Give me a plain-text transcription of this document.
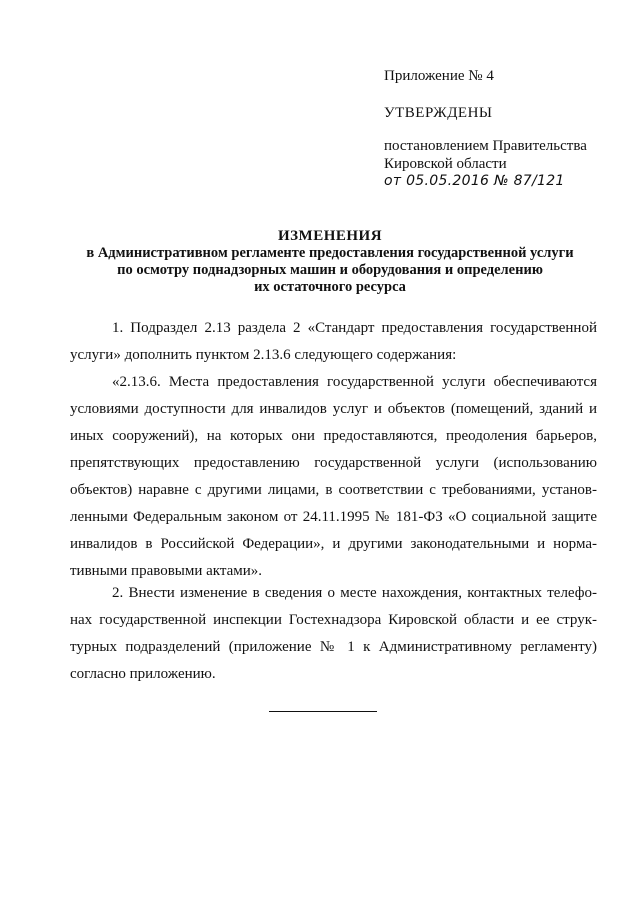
Приложение № 4
УТВЕРЖДЕНЫ
постановлением Правительства
Кировской области
от 05.05.2016 № 87/121
ИЗМЕНЕНИЯ
в Административном регламенте предоставления государственной услуги
по осмотру поднадзорных машин и оборудования и определению
их остаточного ресурса
1. Подраздел 2.13 раздела 2 «Стандарт предоставления государственной
услуги» дополнить пунктом 2.13.6 следующего содержания:
«2.13.6. Места предоставления государственной услуги обеспечиваются
условиями доступности для инвалидов услуг и объектов (помещений, зданий и
иных сооружений), на которых они предоставляются, преодоления барьеров,
препятствующих предоставлению государственной услуги (использованию
объектов) наравне с другими лицами, в соответствии с требованиями, установ-
ленными Федеральным законом от 24.11.1995 № 181-ФЗ «О социальной защите
инвалидов в Российской Федерации», и другими законодательными и норма-
тивными правовыми актами».
2. Внести изменение в сведения о месте нахождения, контактных телефо-
нах государственной инспекции Гостехнадзора Кировской области и ее струк-
турных подразделений (приложение № 1 к Административному регламенту)
согласно приложению.
